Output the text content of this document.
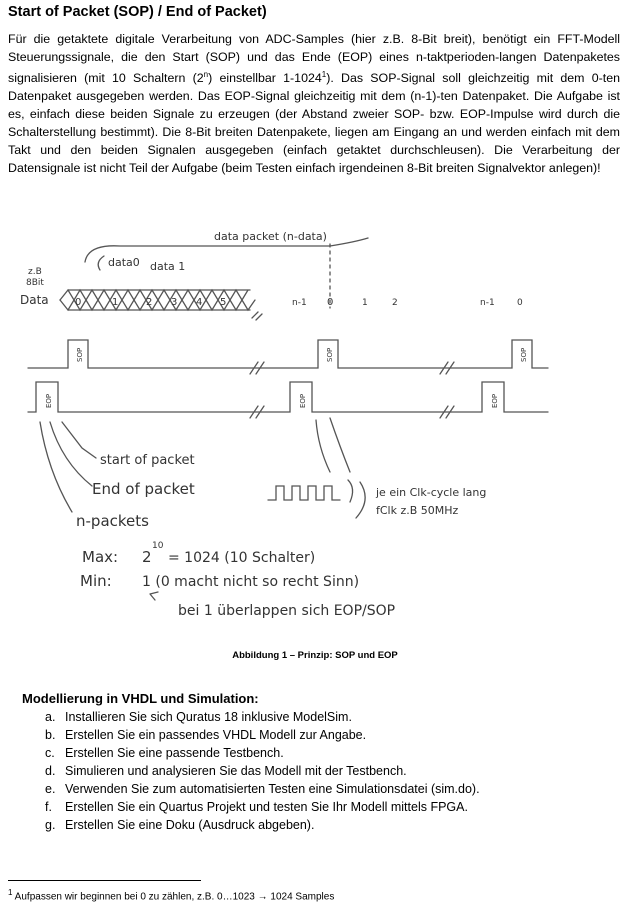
Start of Packet (SOP) / End of Packet)
Für die getaktete digitale Verarbeitung von ADC-Samples (hier z.B. 8-Bit breit), benötigt ein FFT-Modell Steuerungssignale, die den Start (SOP) und das Ende (EOP) eines n-taktperioden-langen Datenpaketes signalisieren (mit 10 Schaltern (2$^n$) einstellbar 1-1024$^1$). Das SOP-Signal soll gleichzeitig mit dem 0-ten Datenpaket ausgegeben werden. Das EOP-Signal gleichzeitig mit dem (n-1)-ten Datenpaket. Die Aufgabe ist es, einfach diese beiden Signale zu erzeugen (der Abstand zweier SOP- bzw. EOP-Impulse wird durch die Schalterstellung bestimmt). Die 8-Bit breiten Datenpakete, liegen am Eingang an und werden einfach mit dem Takt und den beiden Signalen ausgegeben (einfach getaktet durchschleusen). Die Verarbeitung der Datensignale ist nicht Teil der Aufgabe (beim Testen einfach irgendeinen 8-Bit breiten Signalvektor anlegen)!
data packet (n-data)
data0 data 1
z.B
8Bit
Data	0	1	2 3 4 5	n-1 0	1	2	n-1 0
SOP	SOP	SOP
EOP	EOP	EOP
start of packet
End of packet
n-packets
je ein Clk-cycle lang
fClk z.B 50MHz
Max: 2
10
= 1024 (10 Schalter)
Min: 1 (0 macht nicht so recht Sinn)
bei 1 überlappen sich EOP/SOP
Abbildung 1 – Prinzip: SOP und EOP
Modellierung in VHDL und Simulation:
a. Installieren Sie sich Quratus 18 inklusive ModelSim.
b. Erstellen Sie ein passendes VHDL Modell zur Angabe.
c. Erstellen Sie eine passende Testbench.
d. Simulieren und analysieren Sie das Modell mit der Testbench.
e. Verwenden Sie zum automatisierten Testen eine Simulationsdatei (sim.do).
f.	Erstellen Sie ein Quartus Projekt und testen Sie Ihr Modell mittels FPGA.
g. Erstellen Sie eine Doku (Ausdruck abgeben).
$^1$ Aufpassen wir beginnen bei 0 zu zählen, z.B. 0…1023 → 1024 Samples
